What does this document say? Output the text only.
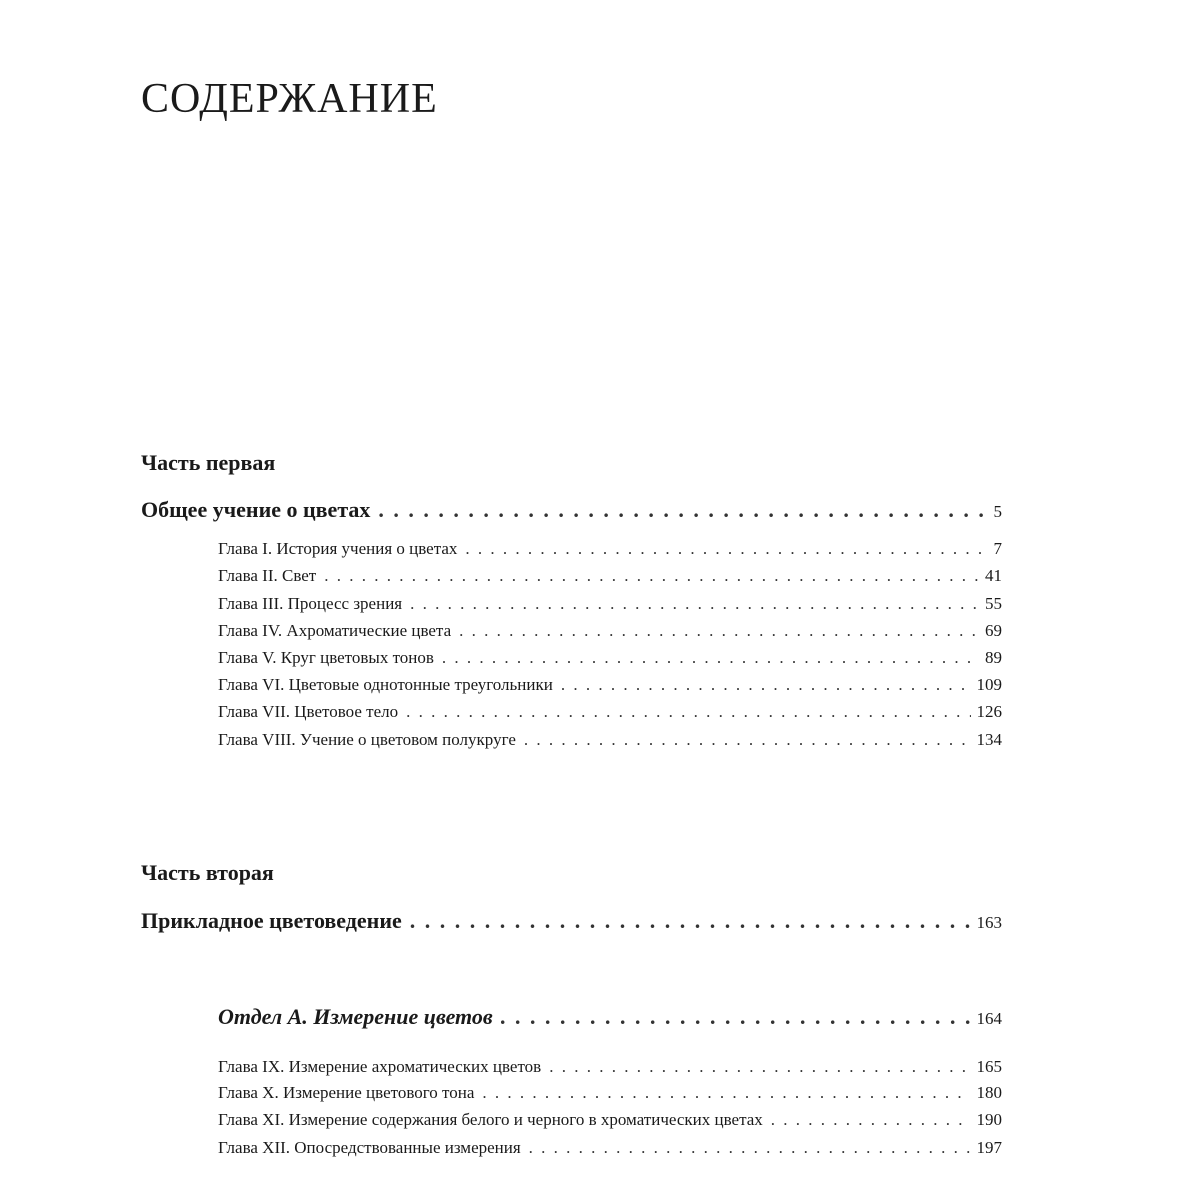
СОДЕРЖАНИЕ
Часть первая
Общее учение о цветах . . .	5
Глава I. История учения о цветах . . .	7
Глава II. Свет . . .	41
Глава III. Процесс зрения . . .	55
Глава IV. Ахроматические цвета . . .	69
Глава V. Круг цветовых тонов . . .	89
Глава VI. Цветовые однотонные треугольники . . .	109
Глава VII. Цветовое тело . . .	126
Глава VIII. Учение о цветовом полукруге . . .	134
Часть вторая
Прикладное цветоведение . . .	163
Отдел А. Измерение цветов . . .	164
Глава IX. Измерение ахроматических цветов . . .	165
Глава X. Измерение цветового тона . . .	180
Глава XI. Измерение содержания белого и черного в хроматических цветах . . .	190
Глава XII. Опосредствованные измерения . . .	197
